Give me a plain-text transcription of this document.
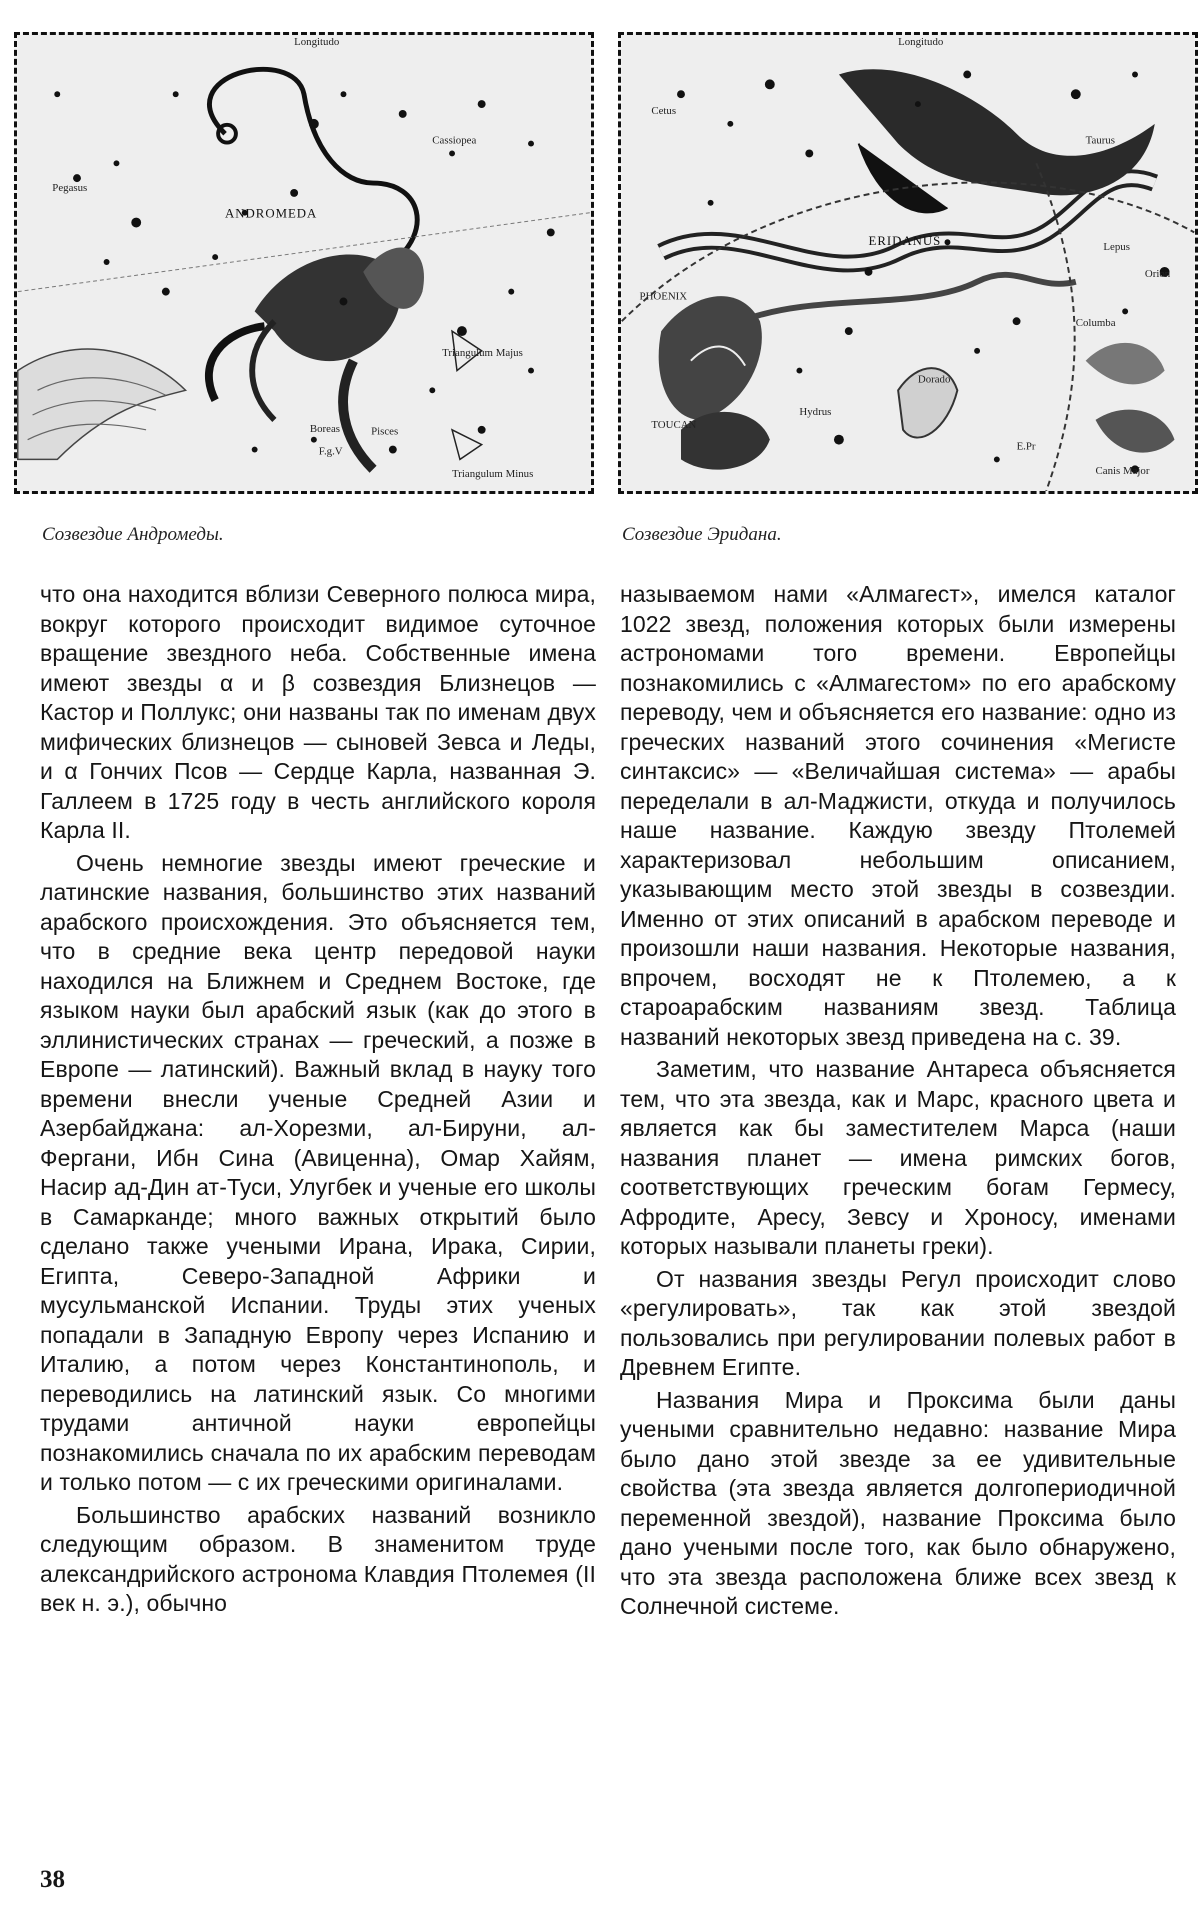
Longitudo
ANDROMEDA
Cassiopea
Pegasus
Triangulum Majus
Triangulum Minus
Boreas	Pisces
F.g.V
Longitudo
ERIDANUS
PHOENIX
TOUCAN
Cetus
Taurus
Lepus
Orion
Columba
Dorado
Hydrus
Canis Major
E.Pr
Созвездие Андромеды.	Созвездие Эридана.

что она находится вблизи Северного полюса мира, вокруг которого происходит видимое суточное вращение звездного неба. Собственные имена имеют звезды α и β созвездия Близнецов — Кастор и Поллукс; они названы так по именам двух мифических близнецов — сыновей Зевса и Леды, и α Гончих Псов — Сердце Карла, названная Э. Галлеем в 1725 году в честь английского короля Карла II.

Очень немногие звезды имеют греческие и латинские названия, большинство этих названий арабского происхождения. Это объясняется тем, что в средние века центр передовой науки находился на Ближнем и Среднем Востоке, где языком науки был арабский язык (как до этого в эллинистических странах — греческий, а позже в Европе — латинский). Важный вклад в науку того времени внесли ученые Средней Азии и Азербайджана: ал-Хорезми, ал-Бируни, ал-Фергани, Ибн Сина (Авиценна), Омар Хайям, Насир ад-Дин ат-Туси, Улугбек и ученые его школы в Самарканде; много важных открытий было сделано также учеными Ирана, Ирака, Сирии, Египта, Северо-Западной Африки и мусульманской Испании. Труды этих ученых попадали в Западную Европу через Испанию и Италию, а потом через Константинополь, и переводились на латинский язык. Со многими трудами античной науки европейцы познакомились сначала по их арабским переводам и только потом — с их греческими оригиналами.

Большинство арабских названий возникло следующим образом. В знаменитом труде александрийского астронома Клавдия Птолемея (II век н. э.), обычно

называемом нами «Алмагест», имелся каталог 1022 звезд, положения которых были измерены астрономами того времени. Европейцы познакомились с «Алмагестом» по его арабскому переводу, чем и объясняется его название: одно из греческих названий этого сочинения «Мегисте синтаксис» — «Величайшая система» — арабы переделали в ал-Маджисти, откуда и получилось наше название. Каждую звезду Птолемей характеризовал небольшим описанием, указывающим место этой звезды в созвездии. Именно от этих описаний в арабском переводе и произошли наши названия. Некоторые названия, впрочем, восходят не к Птолемею, а к староарабским названиям звезд. Таблица названий некоторых звезд приведена на с. 39.

Заметим, что название Антареса объясняется тем, что эта звезда, как и Марс, красного цвета и является как бы заместителем Марса (наши названия планет — имена римских богов, соответствующих греческим богам Гермесу, Афродите, Аресу, Зевсу и Хроносу, именами которых называли планеты греки).

От названия звезды Регул происходит слово «регулировать», так как этой звездой пользовались при регулировании полевых работ в Древнем Египте.

Названия Мира и Проксима были даны учеными сравнительно недавно: название Мира было дано этой звезде за ее удивительные свойства (эта звезда является долгопериодичной переменной звездой), название Проксима было дано учеными после того, как было обнаружено, что эта звезда расположена ближе всех звезд к Солнечной системе.

38
